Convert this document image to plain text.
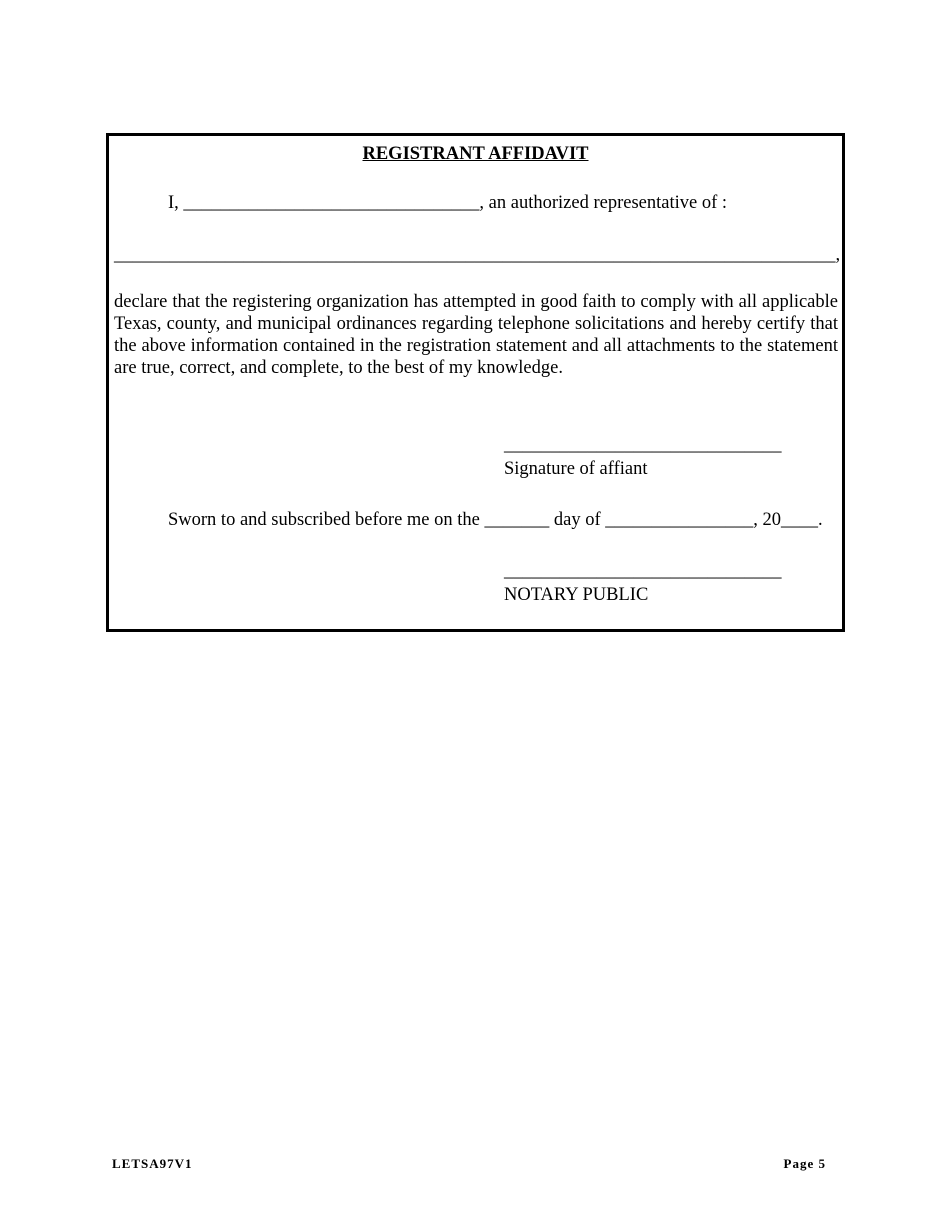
REGISTRANT AFFIDAVIT
I, ________________________________, an authorized representative of :
______________________________________________________________________________,
declare that the registering organization has attempted in good faith to comply with all applicable Texas, county, and municipal ordinances regarding telephone solicitations and hereby certify that the above information contained in the registration statement and all attachments to the statement are true, correct, and complete, to the best of my knowledge.
______________________________
Signature of affiant
Sworn to and subscribed before me on the _______ day of ________________, 20____.
______________________________
NOTARY PUBLIC
LETSA97V1	Page 5
